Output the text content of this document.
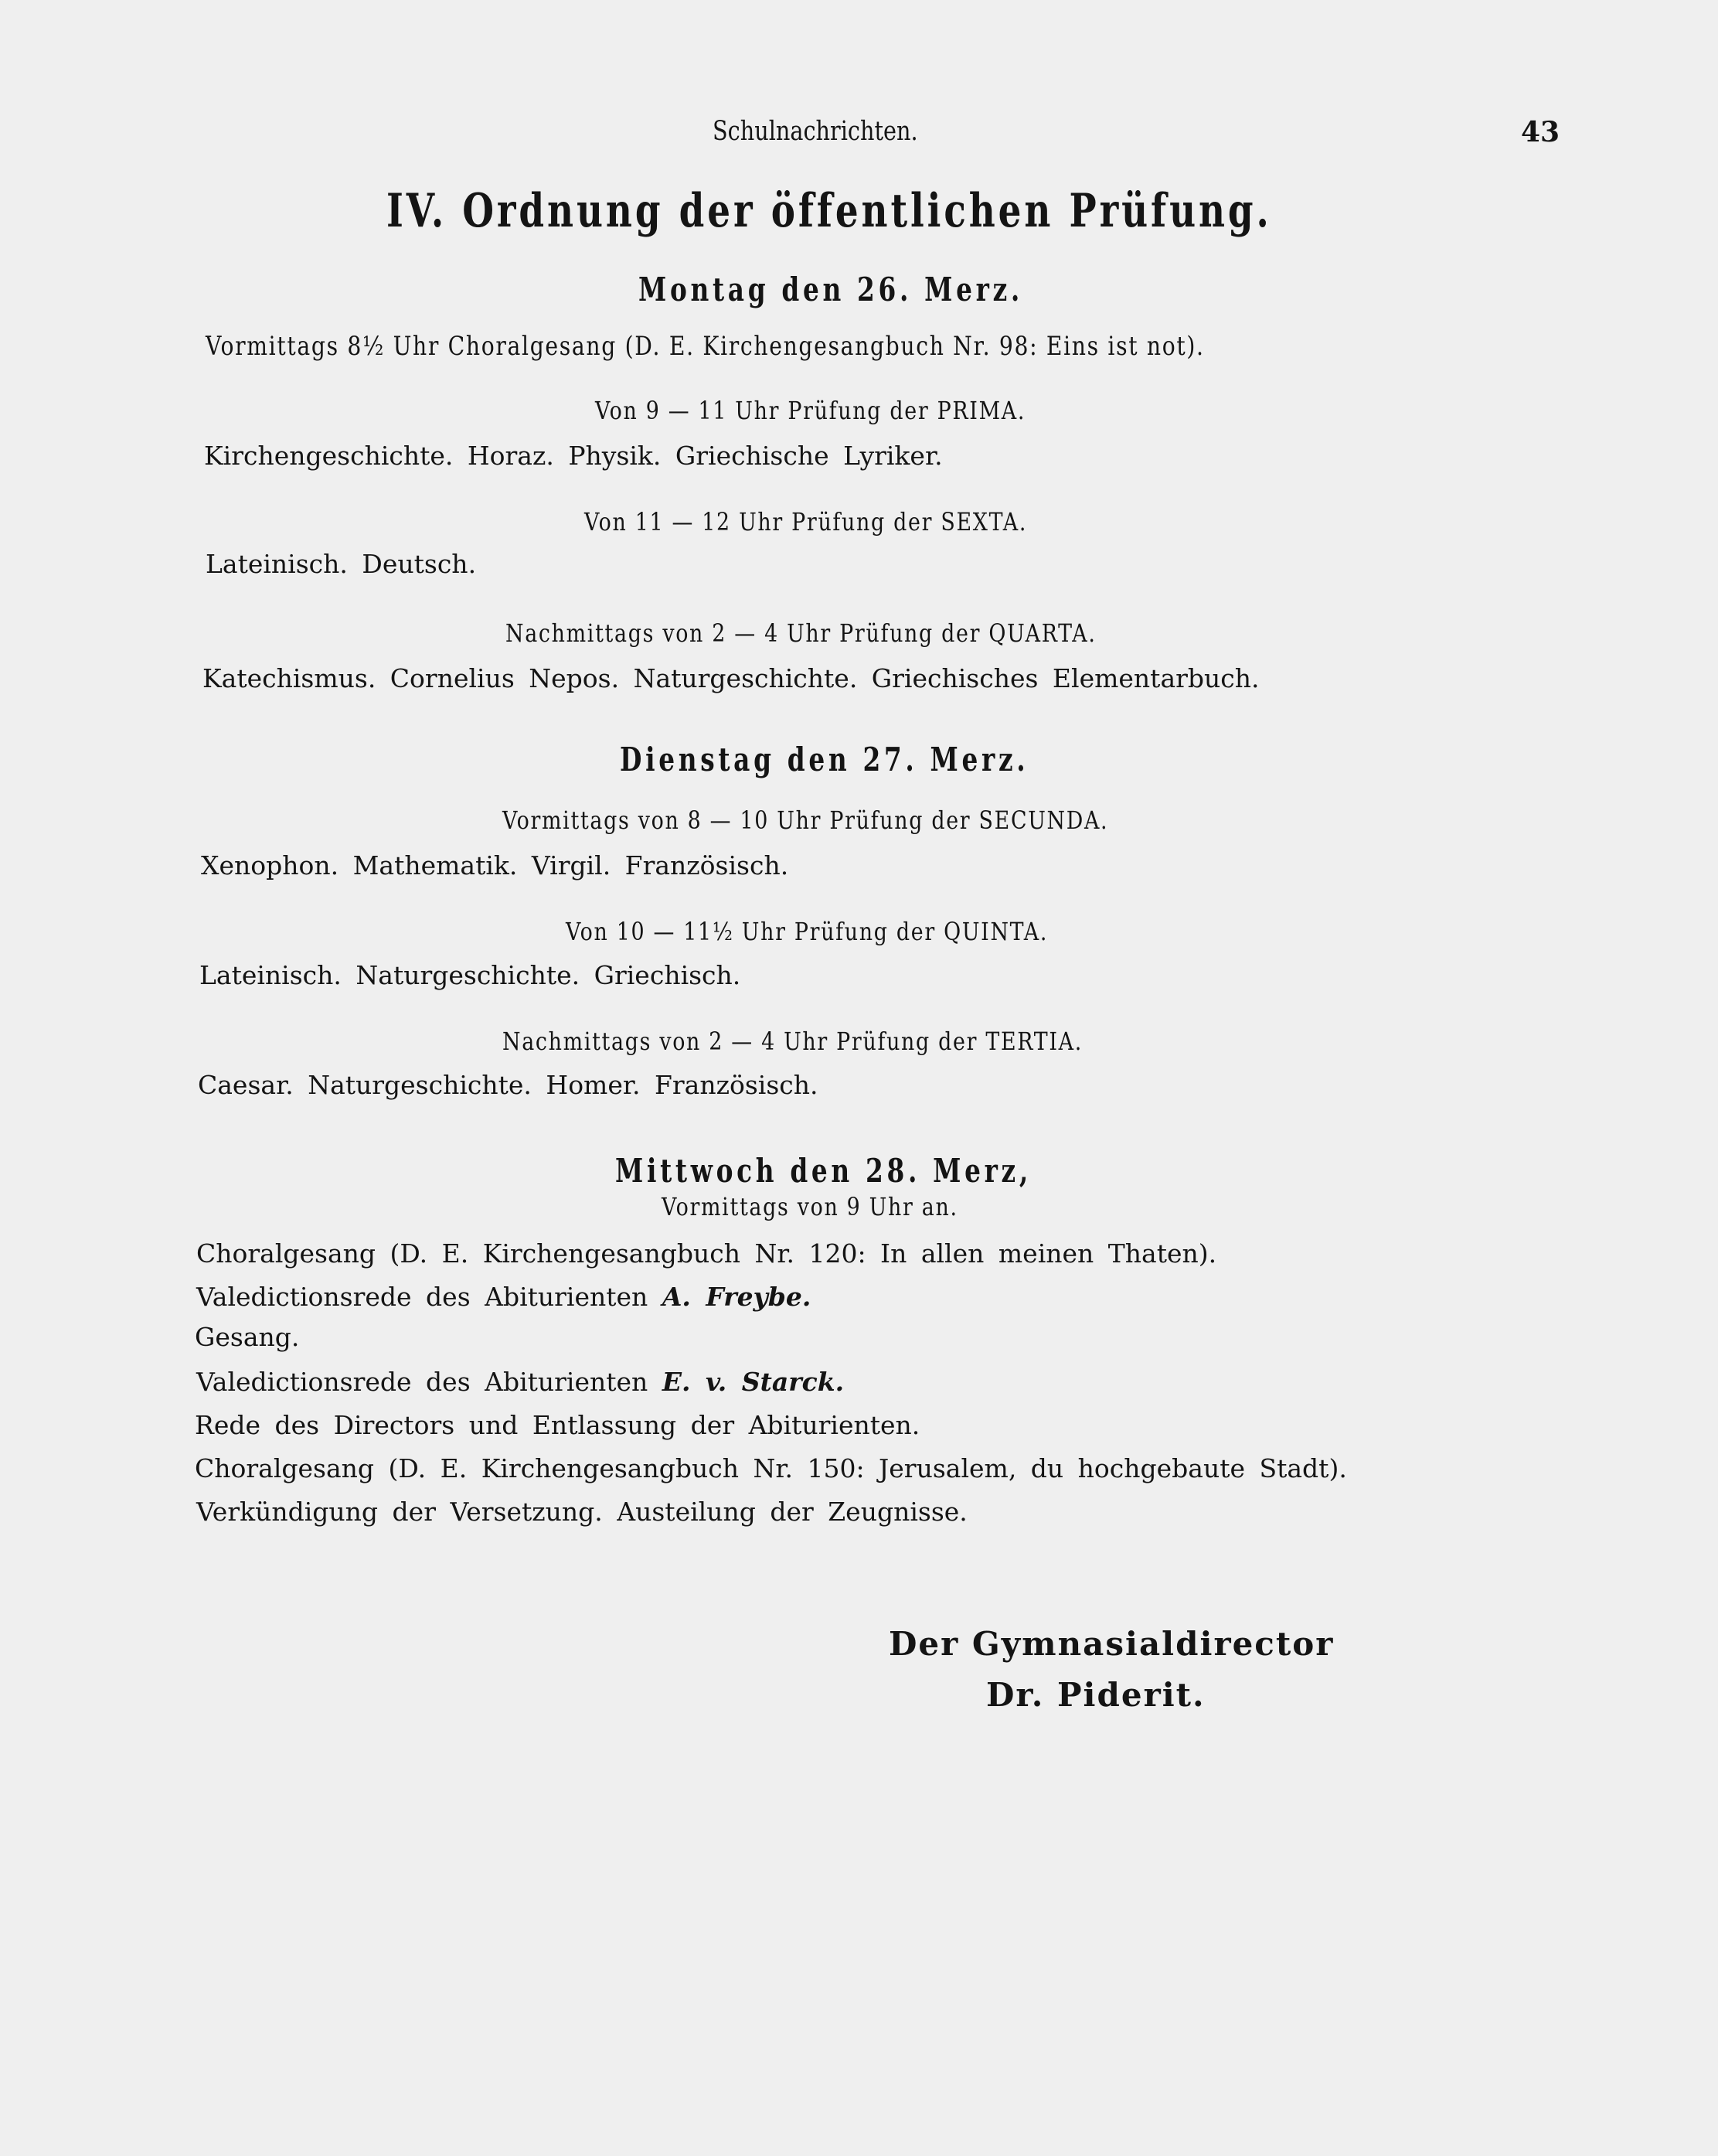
Schulnachrichten.	43
IV. Ordnung der öffentlichen Prüfung.
Montag den 26. Merz.
Vormittags 8½ Uhr Choralgesang (D. E. Kirchengesangbuch Nr. 98: Eins ist not).
Von 9 — 11 Uhr Prüfung der PRIMA.
Kirchengeschichte. Horaz. Physik. Griechische Lyriker.
Von 11 — 12 Uhr Prüfung der SEXTA.
Lateinisch. Deutsch.
Nachmittags von 2 — 4 Uhr Prüfung der QUARTA.
Katechismus. Cornelius Nepos. Naturgeschichte. Griechisches Elementarbuch.
Dienstag den 27. Merz.
Vormittags von 8 — 10 Uhr Prüfung der SECUNDA.
Xenophon. Mathematik. Virgil. Französisch.
Von 10 — 11½ Uhr Prüfung der QUINTA.
Lateinisch. Naturgeschichte. Griechisch.
Nachmittags von 2 — 4 Uhr Prüfung der TERTIA.
Caesar. Naturgeschichte. Homer. Französisch.
Mittwoch den 28. Merz,
Vormittags von 9 Uhr an.
Choralgesang (D. E. Kirchengesangbuch Nr. 120: In allen meinen Thaten).
Valedictionsrede des Abiturienten A. Freybe.
Gesang.
Valedictionsrede des Abiturienten E. v. Starck.
Rede des Directors und Entlassung der Abiturienten.
Choralgesang (D. E. Kirchengesangbuch Nr. 150: Jerusalem, du hochgebaute Stadt).
Verkündigung der Versetzung. Austeilung der Zeugnisse.
Der Gymnasialdirector
Dr. Piderit.
